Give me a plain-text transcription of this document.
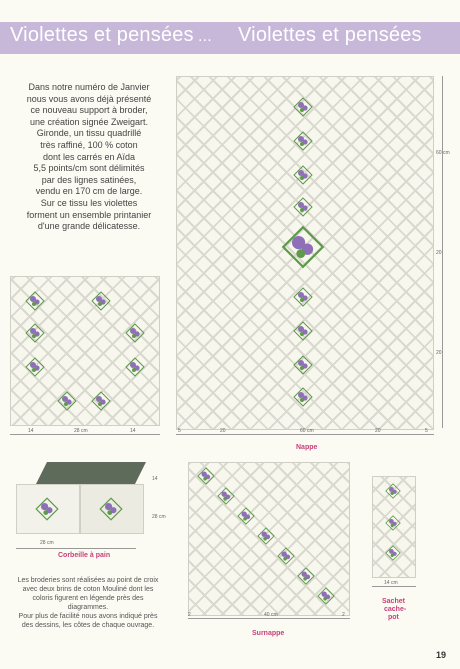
Violettes et pensées ... Violettes et pensées
Dans notre numéro de Janvier
nous vous avons déjà présenté
ce nouveau support à broder,
une création signée Zweigart.
Gironde, un tissu quadrillé
très raffiné, 100 % coton
dont les carrés en Aïda
5,5 points/cm sont délimités
par des lignes satinées,
vendu en 170 cm de large.
Sur ce tissu les violettes
forment un ensemble printanier
d'une grande délicatesse.
14	28 cm	14	5	20	60 cm	20	5
60 cm
20
20
Nappe
28 cm
14
28 cm
Corbeille à pain
2	40 cm	2
Surnappe
14 cm
Sachet
cache-
pot
Les broderies sont réalisées au point de croix
avec deux brins de coton Mouliné dont les
coloris figurent en légende près des
diagrammes.
Pour plus de facilité nous avons indiqué près
des dessins, les côtes de chaque ouvrage.
19
